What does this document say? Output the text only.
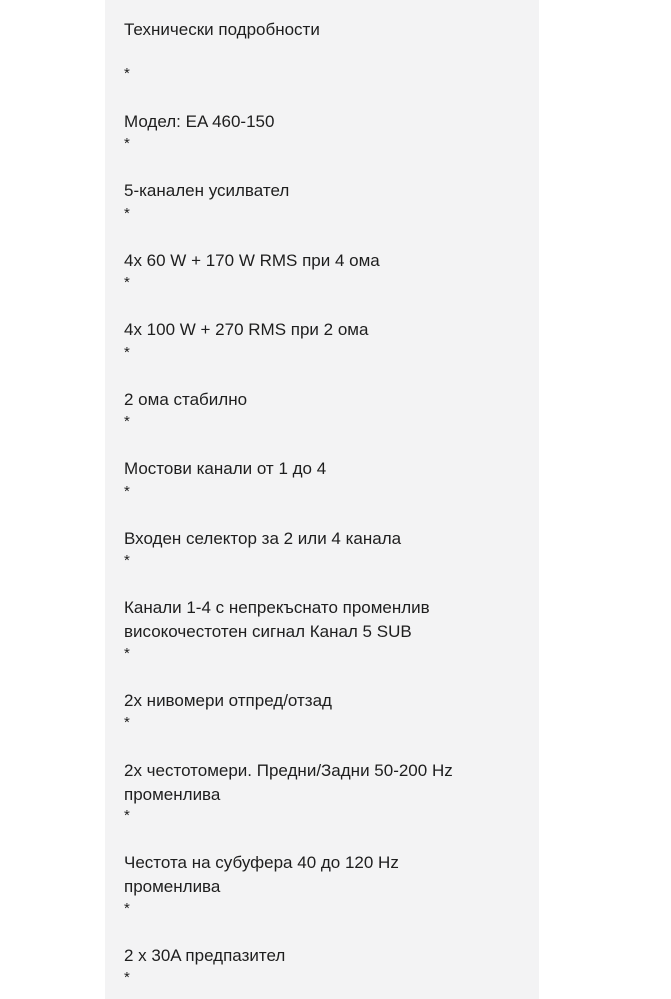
Технически подробности
*
Модел: EA 460-150
*
5-канален усилвател
*
4x 60 W + 170 W RMS при 4 ома
*
4x 100 W + 270 RMS при 2 ома
*
2 ома стабилно
*
Мостови канали от 1 до 4
*
Входен селектор за 2 или 4 канала
*
Канали 1-4 с непрекъснато променлив
високочестотен сигнал Канал 5 SUB
*
2x нивомери отпред/отзад
*
2x честотомери. Предни/Задни 50-200 Hz
променлива
*
Честота на субуфера 40 до 120 Hz
променлива
*
2 x 30A предпазител
*
